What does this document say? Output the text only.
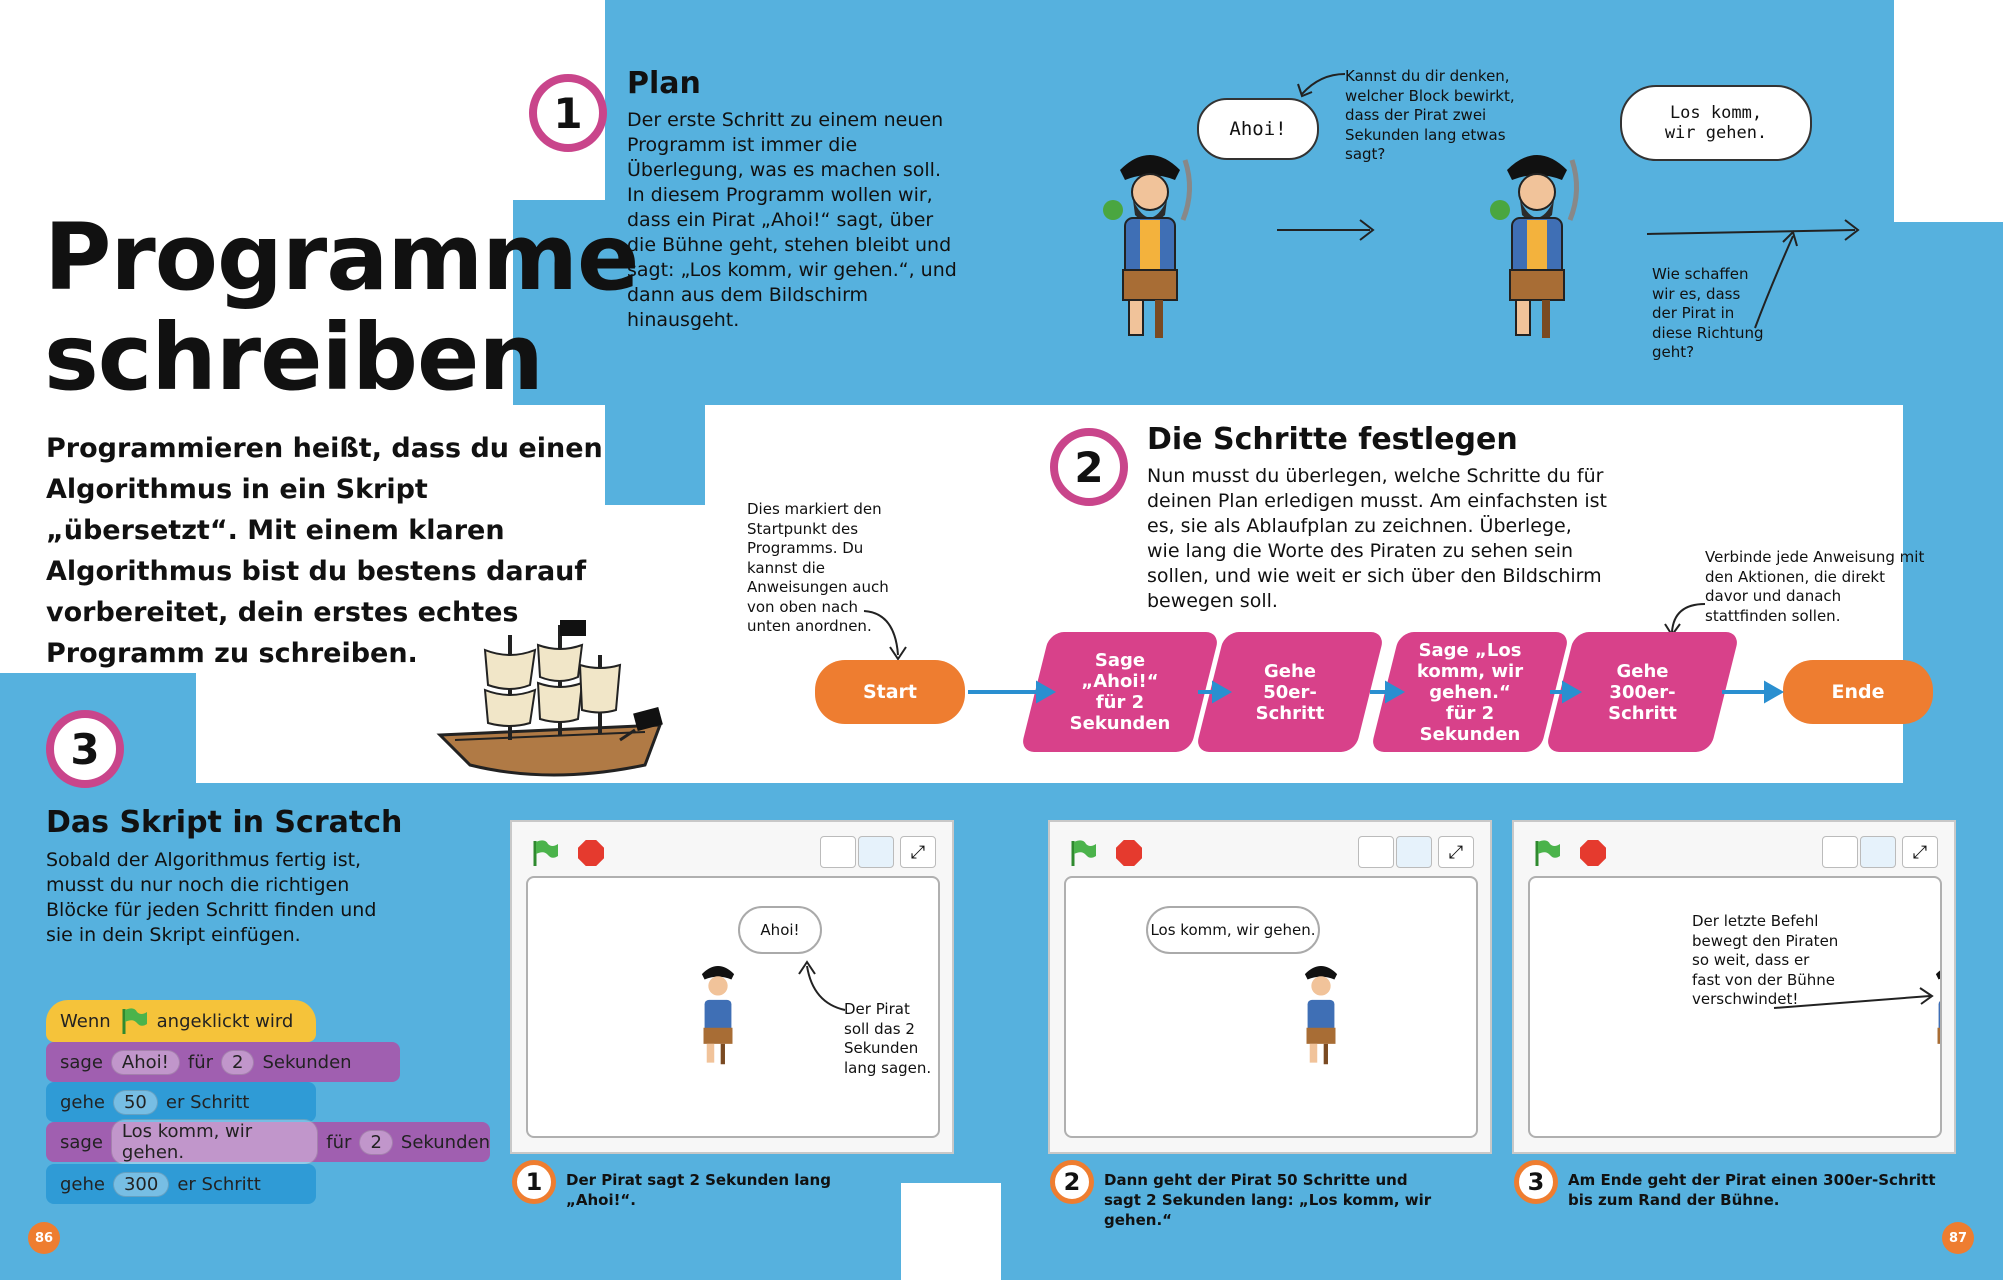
Programme
schreiben
Programmieren heißt, dass du einen Algorithmus in ein Skript „übersetzt“. Mit einem klaren Algorithmus bist du bestens darauf vorbereitet, dein erstes echtes Programm zu schreiben.
1
Plan
Der erste Schritt zu einem neuen Programm ist immer die Überlegung, was es machen soll. In diesem Programm wollen wir, dass ein Pirat „Ahoi!“ sagt, über die Bühne geht, stehen bleibt und sagt: „Los komm, wir gehen.“, und dann aus dem Bildschirm hinausgeht.
Ahoi!
Kannst du dir denken, welcher Block bewirkt, dass der Pirat zwei Sekunden lang etwas sagt?
Los komm,
wir gehen.
Wie schaffen wir es, dass der Pirat in diese Richtung geht?
2
Die Schritte festlegen
Nun musst du überlegen, welche Schritte du für deinen Plan erledigen musst. Am einfachsten ist es, sie als Ablaufplan zu zeichnen. Überlege, wie lang die Worte des Piraten zu sehen sein sollen, und wie weit er sich über den Bildschirm bewegen soll.
Dies markiert den Startpunkt des Programms. Du kannst die Anweisungen auch von oben nach unten anordnen.
Verbinde jede Anweisung mit den Aktionen, die direkt davor und danach stattfinden sollen.
Start
Sage „Ahoi!“ für 2 Sekunden
Gehe 50er-Schritt
Sage „Los komm, wir gehen.“ für 2 Sekunden
Gehe 300er-Schritt
Ende
3
Das Skript in Scratch
Sobald der Algorithmus fertig ist, musst du nur noch die richtigen Blöcke für jeden Schritt finden und sie in dein Skript einfügen.
Wenn	angeklickt wird
sage	Ahoi!	für	2	Sekunden
gehe	50	er Schritt
sage	Los komm, wir gehen.	für	2	Sekunden
gehe	300	er Schritt
⤢
Ahoi!
Der Pirat soll das 2 Sekunden lang sagen.
1	Der Pirat sagt 2 Sekunden lang „Ahoi!“.
⤢
Los komm, wir gehen.
2	Dann geht der Pirat 50 Schritte und sagt 2 Sekunden lang: „Los komm, wir gehen.“
⤢
Der letzte Befehl bewegt den Piraten so weit, dass er fast von der Bühne verschwindet!
3	Am Ende geht der Pirat einen 300er-Schritt bis zum Rand der Bühne.
86	87
